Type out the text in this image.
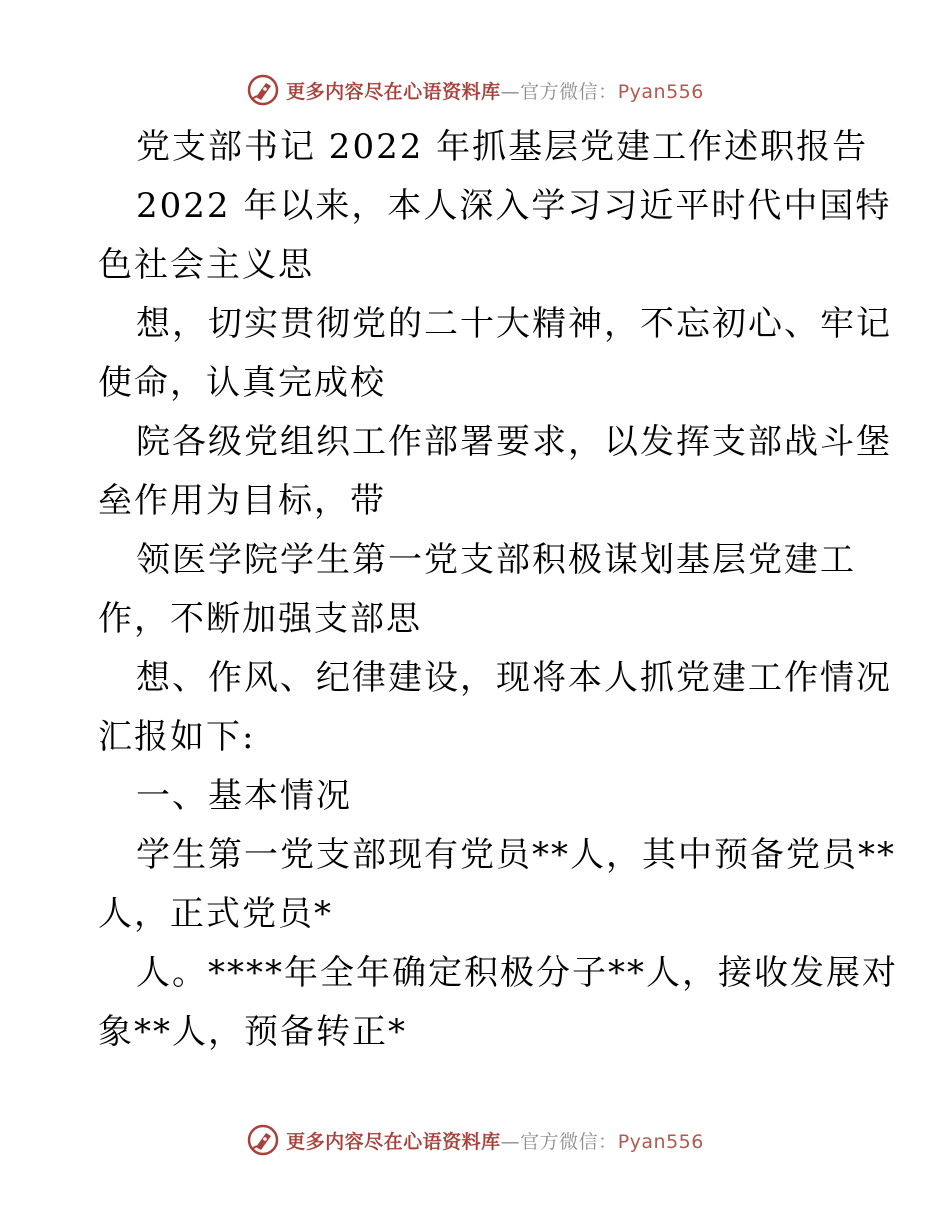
更多内容尽在心语资料库—官方微信：Pyan556
党支部书记 2022 年抓基层党建工作述职报告
2022 年以来，本人深入学习习近平时代中国特
色社会主义思
想，切实贯彻党的二十大精神，不忘初心、牢记
使命，认真完成校
院各级党组织工作部署要求，以发挥支部战斗堡
垒作用为目标，带
领医学院学生第一党支部积极谋划基层党建工
作，不断加强支部思
想、作风、纪律建设，现将本人抓党建工作情况
汇报如下:
一、基本情况
学生第一党支部现有党员**人，其中预备党员**
人，正式党员*
人。****年全年确定积极分子**人，接收发展对
象**人，预备转正*
更多内容尽在心语资料库—官方微信：Pyan556
